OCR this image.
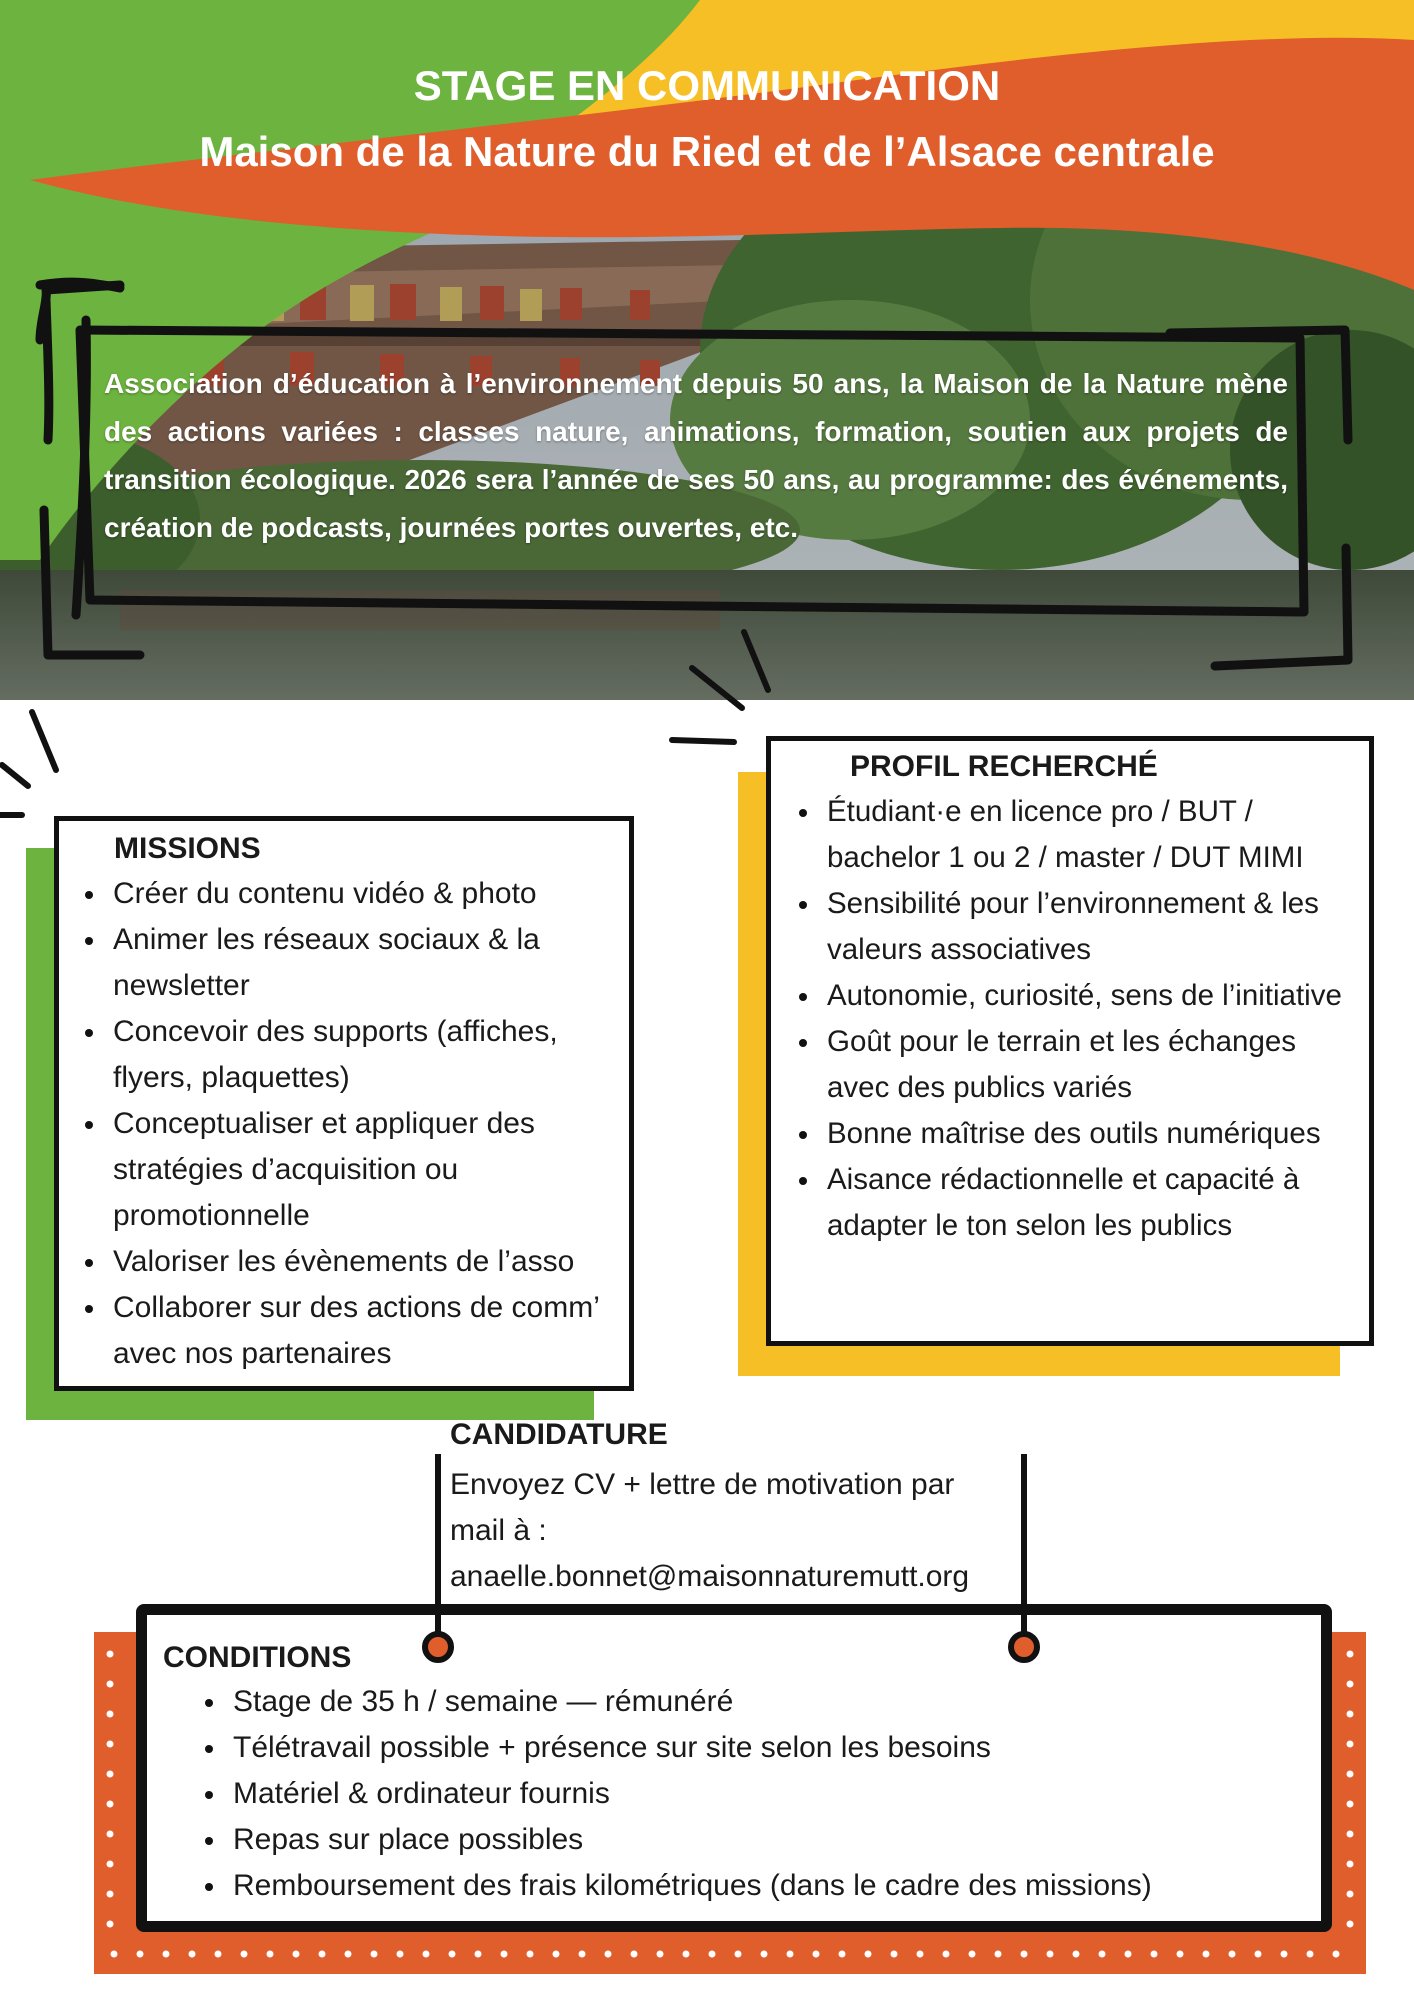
STAGE EN COMMUNICATION
Maison de la Nature du Ried et de l’Alsace centrale
Association d’éducation à l’environnement depuis 50 ans, la Maison de la Nature mène des actions variées : classes nature, animations, formation, soutien aux projets de transition écologique. 2026 sera l’année de ses 50 ans, au programme: des événements, création de podcasts, journées portes ouvertes, etc.
MISSIONS
Créer du contenu vidéo & photo
Animer les réseaux sociaux & la newsletter
Concevoir des supports (affiches, flyers, plaquettes)
Conceptualiser et appliquer des stratégies d’acquisition ou promotionnelle
Valoriser les évènements de l’asso
Collaborer sur des actions de comm’ avec nos partenaires
PROFIL RECHERCHÉ
Étudiant·e en licence pro / BUT / bachelor 1 ou 2 / master / DUT MIMI
Sensibilité pour l’environnement & les valeurs associatives
Autonomie, curiosité, sens de l’initiative
Goût pour le terrain et les échanges avec des publics variés
Bonne maîtrise des outils numériques
Aisance rédactionnelle et capacité à adapter le ton selon les publics
CANDIDATURE
Envoyez CV + lettre de motivation par
mail à :
anaelle.bonnet@maisonnaturemutt.org
CONDITIONS
Stage de 35 h / semaine — rémunéré
Télétravail possible + présence sur site selon les besoins
Matériel & ordinateur fournis
Repas sur place possibles
Remboursement des frais kilométriques (dans le cadre des missions)
